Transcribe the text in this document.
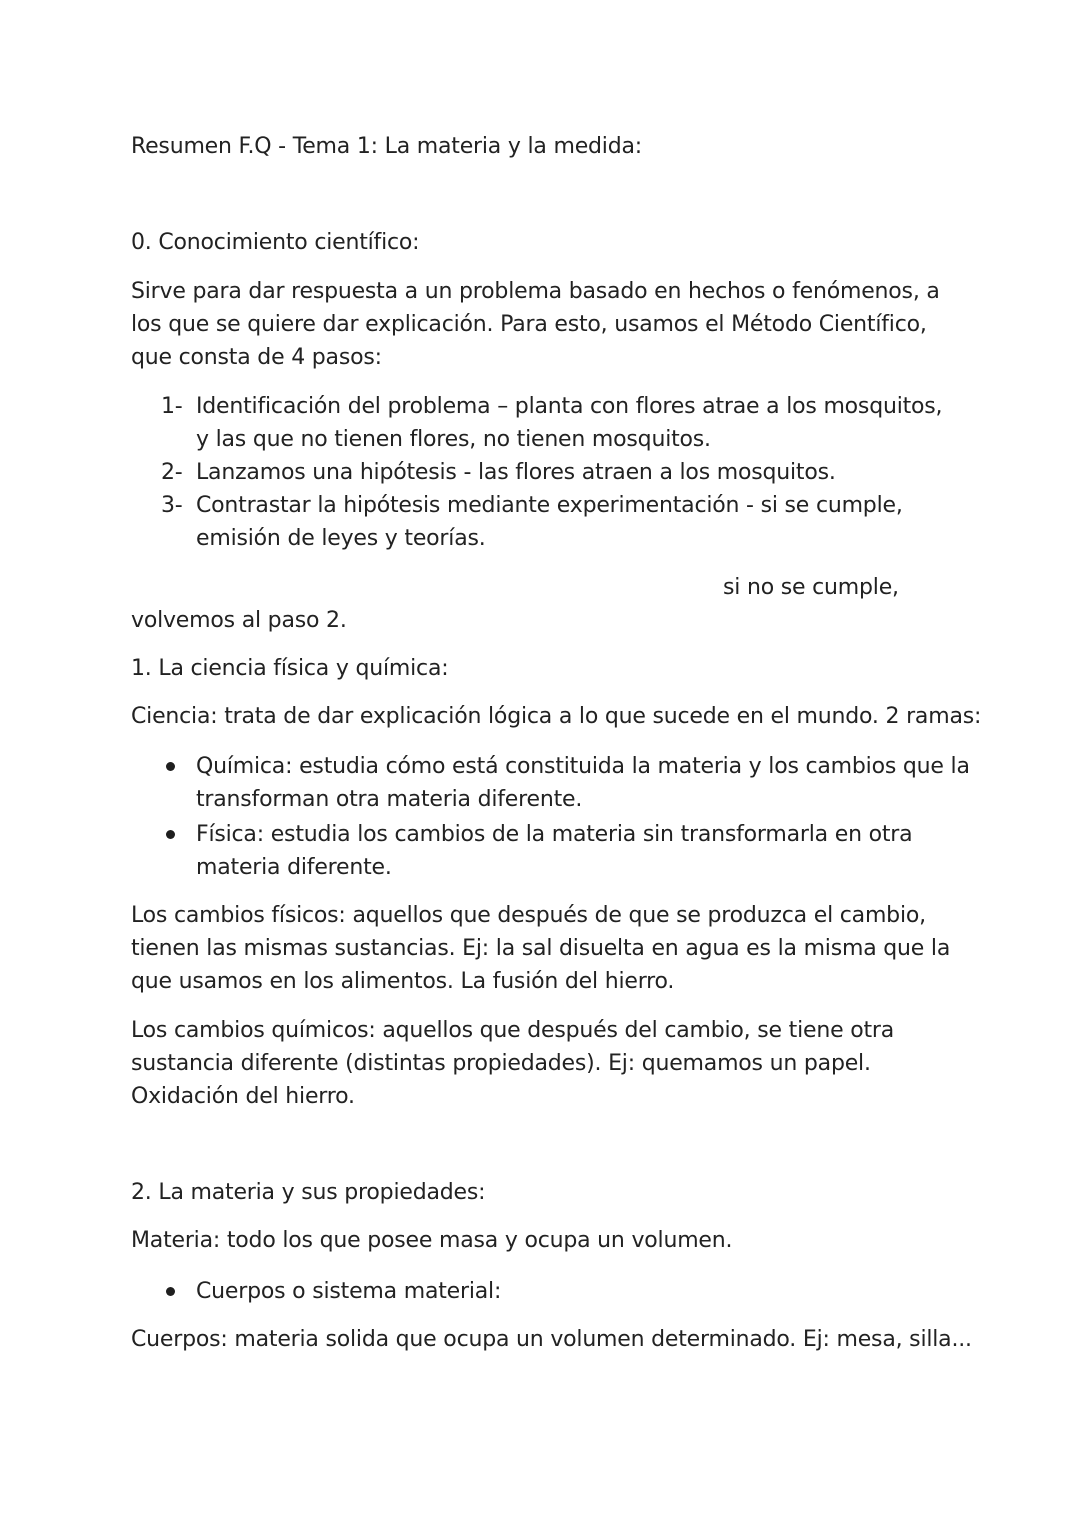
Resumen F.Q - Tema 1: La materia y la medida:
0. Conocimiento científico:
Sirve para dar respuesta a un problema basado en hechos o fenómenos, a
los que se quiere dar explicación. Para esto, usamos el Método Científico,
que consta de 4 pasos:
1- Identificación del problema – planta con flores atrae a los mosquitos,
y las que no tienen flores, no tienen mosquitos.
2- Lanzamos una hipótesis - las flores atraen a los mosquitos.
3- Contrastar la hipótesis mediante experimentación - si se cumple,
emisión de leyes y teorías.
si no se cumple,
volvemos al paso 2.
1. La ciencia física y química:
Ciencia: trata de dar explicación lógica a lo que sucede en el mundo. 2 ramas:
Química: estudia cómo está constituida la materia y los cambios que la
transforman otra materia diferente.
Física: estudia los cambios de la materia sin transformarla en otra
materia diferente.
Los cambios físicos: aquellos que después de que se produzca el cambio,
tienen las mismas sustancias. Ej: la sal disuelta en agua es la misma que la
que usamos en los alimentos. La fusión del hierro.
Los cambios químicos: aquellos que después del cambio, se tiene otra
sustancia diferente (distintas propiedades). Ej: quemamos un papel.
Oxidación del hierro.
2. La materia y sus propiedades:
Materia: todo los que posee masa y ocupa un volumen.
Cuerpos o sistema material:
Cuerpos: materia solida que ocupa un volumen determinado. Ej: mesa, silla...
